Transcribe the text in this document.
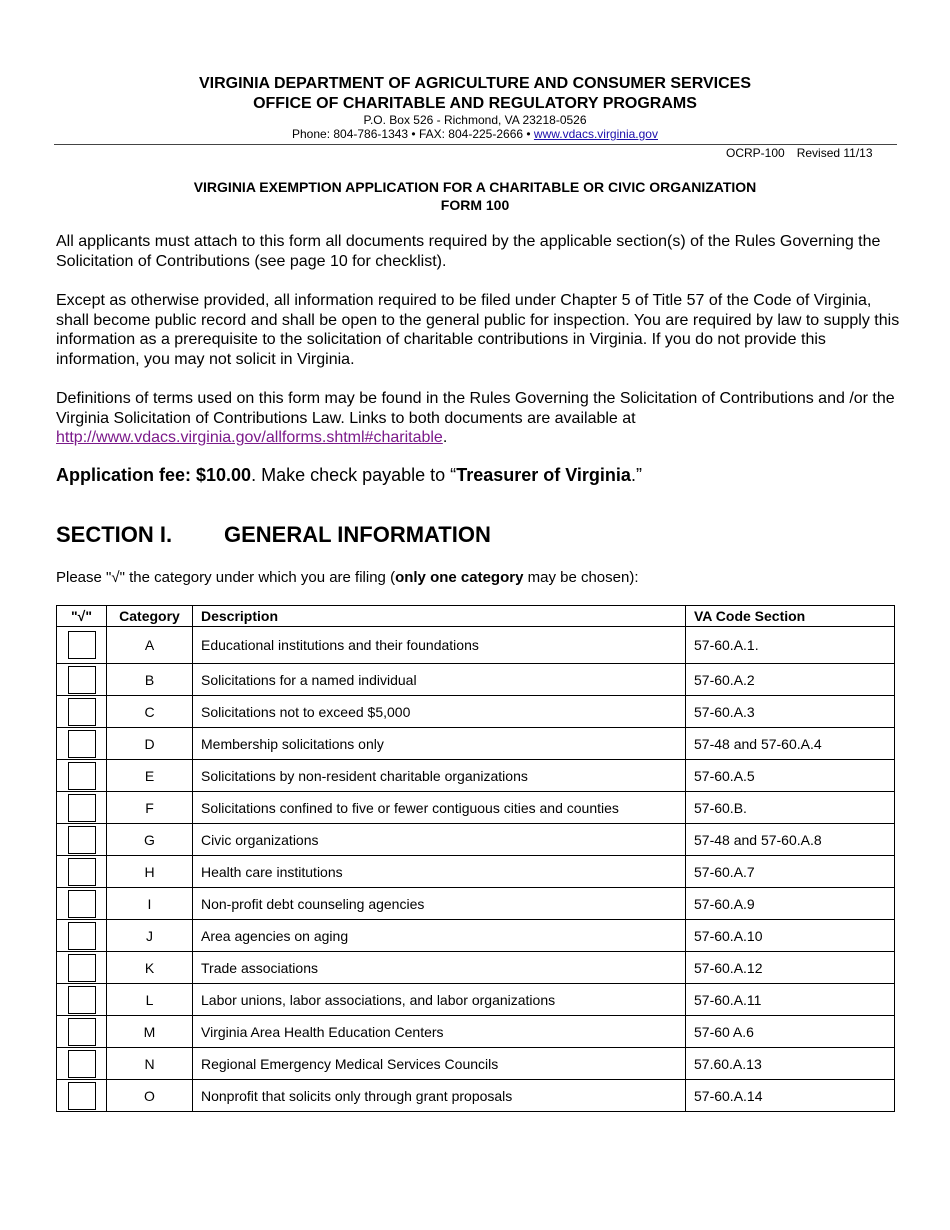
VIRGINIA DEPARTMENT OF AGRICULTURE AND CONSUMER SERVICES
OFFICE OF CHARITABLE AND REGULATORY PROGRAMS
P.O. Box 526 - Richmond, VA 23218-0526
Phone: 804-786-1343 • FAX: 804-225-2666 • www.vdacs.virginia.gov
OCRP-100 Revised 11/13
VIRGINIA EXEMPTION APPLICATION FOR A CHARITABLE OR CIVIC ORGANIZATION
FORM 100
All applicants must attach to this form all documents required by the applicable section(s) of the Rules Governing the Solicitation of Contributions (see page 10 for checklist).
Except as otherwise provided, all information required to be filed under Chapter 5 of Title 57 of the Code of Virginia, shall become public record and shall be open to the general public for inspection. You are required by law to supply this information as a prerequisite to the solicitation of charitable contributions in Virginia. If you do not provide this information, you may not solicit in Virginia.
Definitions of terms used on this form may be found in the Rules Governing the Solicitation of Contributions and /or the Virginia Solicitation of Contributions Law. Links to both documents are available at
http://www.vdacs.virginia.gov/allforms.shtml#charitable.
Application fee: $10.00. Make check payable to “Treasurer of Virginia.”
SECTION I. GENERAL INFORMATION
Please "√" the category under which you are filing (only one category may be chosen):
"√"	Category	Description	VA Code Section
	A	Educational institutions and their foundations	57-60.A.1.
	B	Solicitations for a named individual	57-60.A.2
	C	Solicitations not to exceed $5,000	57-60.A.3
	D	Membership solicitations only	57-48 and 57-60.A.4
	E	Solicitations by non-resident charitable organizations	57-60.A.5
	F	Solicitations confined to five or fewer contiguous cities and counties	57-60.B.
	G	Civic organizations	57-48 and 57-60.A.8
	H	Health care institutions	57-60.A.7
	I	Non-profit debt counseling agencies	57-60.A.9
	J	Area agencies on aging	57-60.A.10
	K	Trade associations	57-60.A.12
	L	Labor unions, labor associations, and labor organizations	57-60.A.11
	M	Virginia Area Health Education Centers	57-60 A.6
	N	Regional Emergency Medical Services Councils	57.60.A.13
	O	Nonprofit that solicits only through grant proposals	57-60.A.14
